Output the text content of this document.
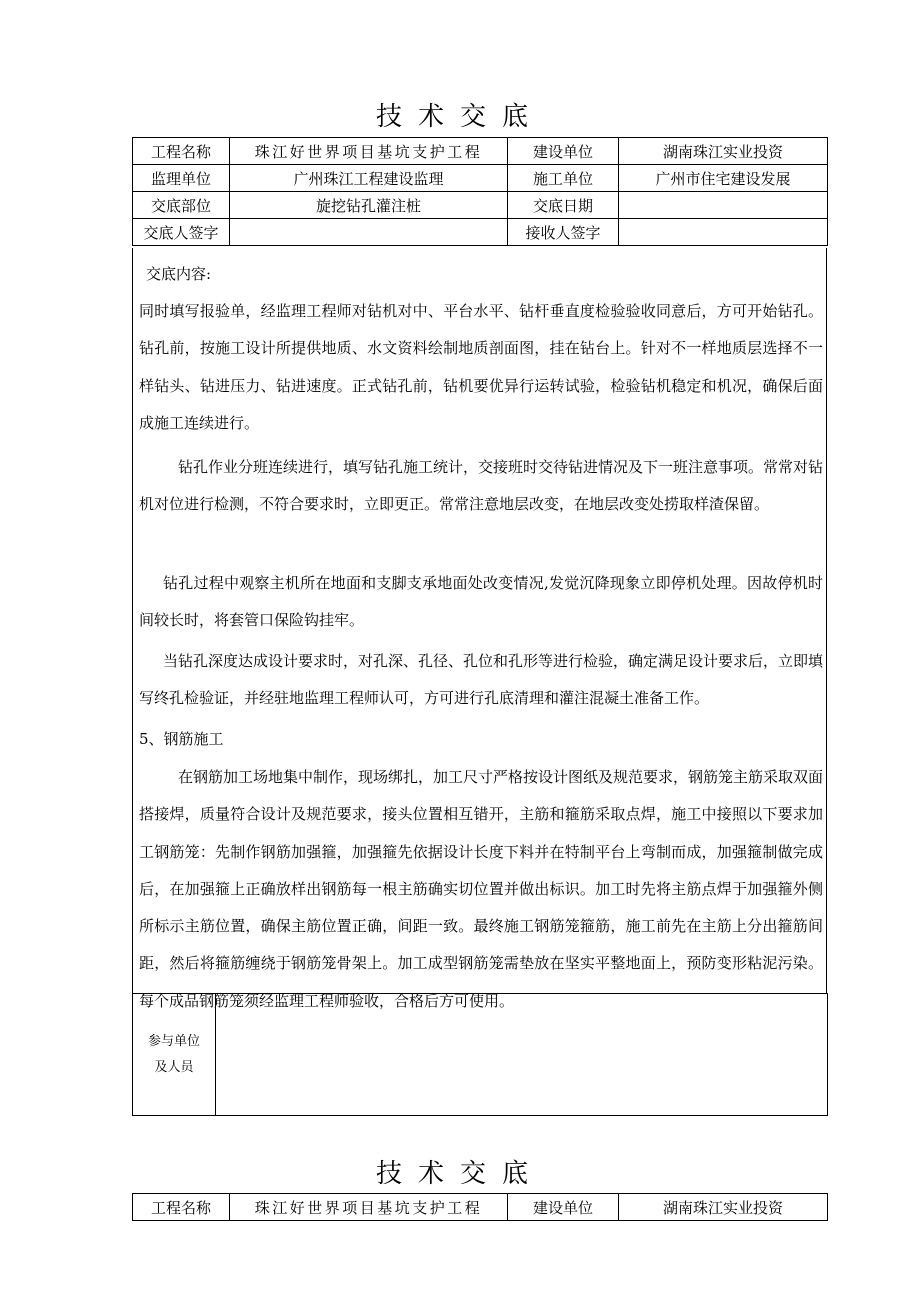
技术交底
工程名称	珠江好世界项目基坑支护工程	建设单位	湖南珠江实业投资
监理单位	广州珠江工程建设监理	施工单位	广州市住宅建设发展
交底部位	旋挖钻孔灌注桩	交底日期	
交底人签字		接收人签字	
交底内容:

同时填写报验单，经监理工程师对钻机对中、平台水平、钻杆垂直度检验验收同意后，方可开始钻孔。钻孔前，按施工设计所提供地质、水文资料绘制地质剖面图，挂在钻台上。针对不一样地质层选择不一样钻头、钻进压力、钻进速度。正式钻孔前，钻机要优异行运转试验，检验钻机稳定和机况，确保后面成施工连续进行。

钻孔作业分班连续进行，填写钻孔施工统计，交接班时交待钻进情况及下一班注意事项。常常对钻机对位进行检测，不符合要求时，立即更正。常常注意地层改变，在地层改变处捞取样渣保留。

钻孔过程中观察主机所在地面和支脚支承地面处改变情况,发觉沉降现象立即停机处理。因故停机时间较长时，将套管口保险钩挂牢。

当钻孔深度达成设计要求时，对孔深、孔径、孔位和孔形等进行检验，确定满足设计要求后，立即填写终孔检验证，并经驻地监理工程师认可，方可进行孔底清理和灌注混凝土准备工作。

5、钢筋施工

在钢筋加工场地集中制作，现场绑扎，加工尺寸严格按设计图纸及规范要求，钢筋笼主筋采取双面搭接焊，质量符合设计及规范要求，接头位置相互错开，主筋和箍筋采取点焊，施工中接照以下要求加工钢筋笼：先制作钢筋加强箍，加强箍先依据设计长度下料并在特制平台上弯制而成，加强箍制做完成后，在加强箍上正确放样出钢筋每一根主筋确实切位置并做出标识。加工时先将主筋点焊于加强箍外侧所标示主筋位置，确保主筋位置正确，间距一致。最终施工钢筋笼箍筋，施工前先在主筋上分出箍筋间距，然后将箍筋缠绕于钢筋笼骨架上。加工成型钢筋笼需垫放在坚实平整地面上，预防变形粘泥污染。每个成品钢筋笼须经监理工程师验收，合格后方可使用。

参与单位
及人员

技术交底
工程名称	珠江好世界项目基坑支护工程	建设单位	湖南珠江实业投资
